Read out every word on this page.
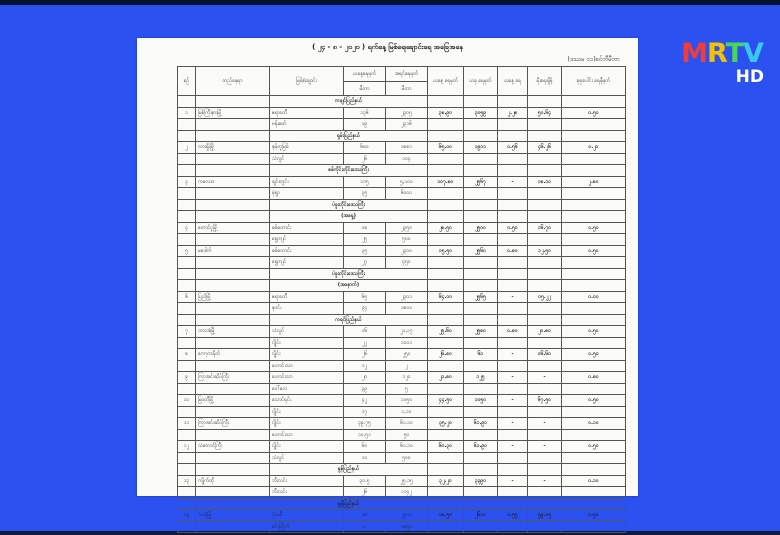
MRTV
HD
( ၂၄ - ၈ - ၂၀၂၀ ) ရက်နေ့ မြစ်ရေ၊ချောင်းရေ အခြေအနေ
(ဒဿမ ၀၁)စင်တီမီတာ
စဉ်	တည်နေရာ	မြစ်/ချောင်း	ယနေ့ရေမှတ်	အရင်ရေမှတ်	ယနေ့ ရေမှတ်	ယခု ရေမှတ်	ယနေ့ ရေ	မိုးရေချိန်	စုစုပေါင်း ရေနီမှတ်
			မီတာ	မီတာ					
		ကချင်ပြည်နယ်							
၁	မြစ်ကြီးနားမြို့	ဧရာဝတီ	၁၃၆	၂၃၀၅	၃၈.၉၀	၃၀၅၉	၂.၂၈	၅၀.၆၄	၀.၅၀
		ဗန်းမော်	၁၉	၂၃၁၆					
		ရှမ်းပြည်နယ်							
၂	လားရှိုးမြို့	နမ့်တူမြစ်	၆၈၀	၁၈၈၁	၆၅.၀၀	၁၉၁၁	၀.၅၆	၄၆.၂၆	၀.၂၀
		သံလွင်	၂၆	၁၀၄					
		စစ်ကိုင်းတိုင်းဒေသကြီး							
၃	ကလေးဝ	ချင်းတွင်း	၁၁၅	၅,၁၀၀	၁၀၇.၈၀	၂၅၆၇	-	၁၈.၁၀	၂.၈၀
		မုံရွာ	၃၅	၆၀၀၀					
		ပဲခူးတိုင်းဒေသကြီး							
		(အရှေ့)							
၄	တောင်ငူမြို့	စစ်တောင်း	၁၈	၂၃၅၀	၂၈.၅၀	၂၅၀၀	၀.၅၀	၁၆.၇၀	၀.၅၀
		ရွှေကျင်	၂၅	၅၀၀					
၅	မဒေါက်	စစ်တောင်း	၃၅	၂၃၀၀	၁၅.၅၀	၂၅၆၀	၀.၈၀	၁၂.၅၀	၀.၅၀
		ရွှေကျင်	၂၇	၄၅၀					
		ပဲခူးတိုင်းဒေသကြီး							
		(အနောက်)							
၆	ပြည်မြို့	ဧရာဝတီ	၆၅	၂၃၀၁	၆၄.၀၀	၂၅၆၅	-	၀၅.၂၂	၀.၀၀
		နဝင်း	၃၄	၁၈၀၀					
		ကရင်ပြည်နယ်							
၇	ဘားအံမြို့	သံလွင်	၁၆	၂၁,၁၇	၂၅.၆၀	၂၅၈၀	၀.၈၀	၂၀.၈၀	၀.၅၀
		ဂျိုင်း	၂၂	၁၀၀၁					
၈	ကော့ကရိတ်	ဂျိုင်း	၂၆	၂၅၀	၂၆.၈၀	၆၁	-	၀၆.၆၀	၀.၅၀
		ဟောင်းသာ	၁၂	၂					
၉	ကြာအင်းဆိပ်ကြီး	ဟောင်းသာ	၂၀	၁၂၀	၂၁.၈၀	၁၂၅	-	-	၀.၈၀
		ဝေါ်လေ	၃၉	၅					
၁၀	မြဝတီမြို့	သောင်ရင်း	၄၂	၁၀၅၀	၄၄.၅၀	၁၀၅၀	-	၆၇.၅၀	၀.၅၀
		ဂျိုင်း	၁၇	၁,၁၀					
၁၁	ကြာအင်းဆိပ်ကြီး	ဂျိုင်း	၃၉.၇၅	၆၁.၁၀	၃၅.၂၀	၆၁.၉၀	-	-	၀.၁၀
		ဟောင်းသာ	၁၀.၅၁	၅၀					
၁၂	သံတောင်ကြီး	ဂျိုင်း	၆၀	၆၁.၁၀	၆၀.၃၀	၆၁.၉၀	-	-	၀.၅၀
		သံလွင်	၁၀	၅၀၀					
		မွန်ပြည်နယ်							
၁၃	ကျိုက်ထို	ဘီးလင်း	၃၀.၅	၂၅.၁၅	၃၂.၂၀	၃၃၉၀	-	-	၀.၁၀
		ဘီးလင်း	၂၆	၁၁၄၂					
		မွန်ပြည်နယ်							
၁၄	သထုံမြို့	ဒုံသမီ	၁၈	၂၅၁၀	၁၈.၅၀	၂၆၁၀	၀.၅၅	၅၉.၁၅	၀.၅၀
		ဇင်းကြိုက်	၀	၁၈၅၀					
